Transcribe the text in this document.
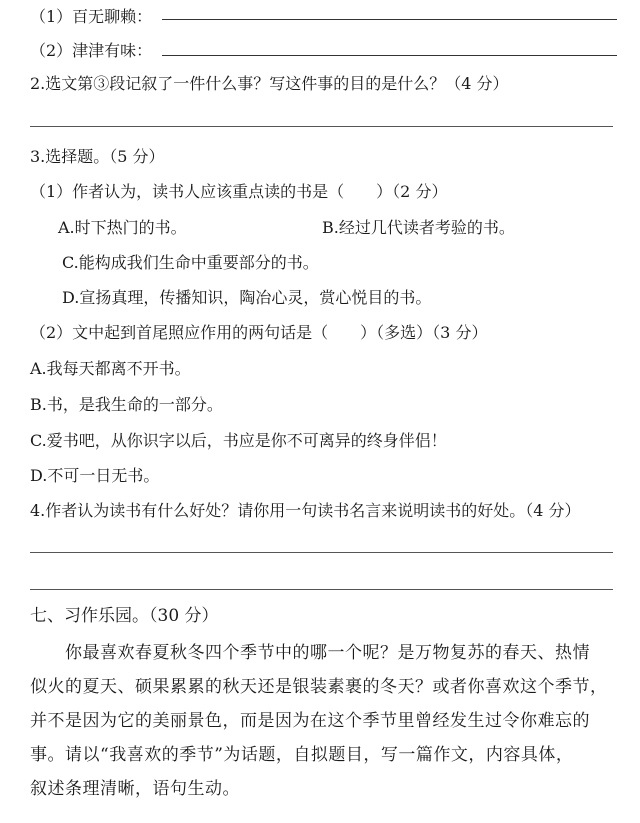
（1）百无聊赖：
（2）津津有味：
2.选文第③段记叙了一件什么事？写这件事的目的是什么？（4 分）
3.选择题。（5 分）
（1）作者认为，读书人应该重点读的书是（　　）（2 分）
A.时下热门的书。	B.经过几代读者考验的书。
C.能构成我们生命中重要部分的书。
D.宣扬真理，传播知识，陶冶心灵，赏心悦目的书。
（2）文中起到首尾照应作用的两句话是（　　）（多选）（3 分）
A.我每天都离不开书。
B.书，是我生命的一部分。
C.爱书吧，从你识字以后，书应是你不可离异的终身伴侣！
D.不可一日无书。
4.作者认为读书有什么好处？请你用一句读书名言来说明读书的好处。（4 分）
七、习作乐园。（30 分）
你最喜欢春夏秋冬四个季节中的哪一个呢？是万物复苏的春天、热情
似火的夏天、硕果累累的秋天还是银装素裹的冬天？或者你喜欢这个季节，
并不是因为它的美丽景色，而是因为在这个季节里曾经发生过令你难忘的
事。请以“我喜欢的季节”为话题，自拟题目，写一篇作文，内容具体，
叙述条理清晰，语句生动。
